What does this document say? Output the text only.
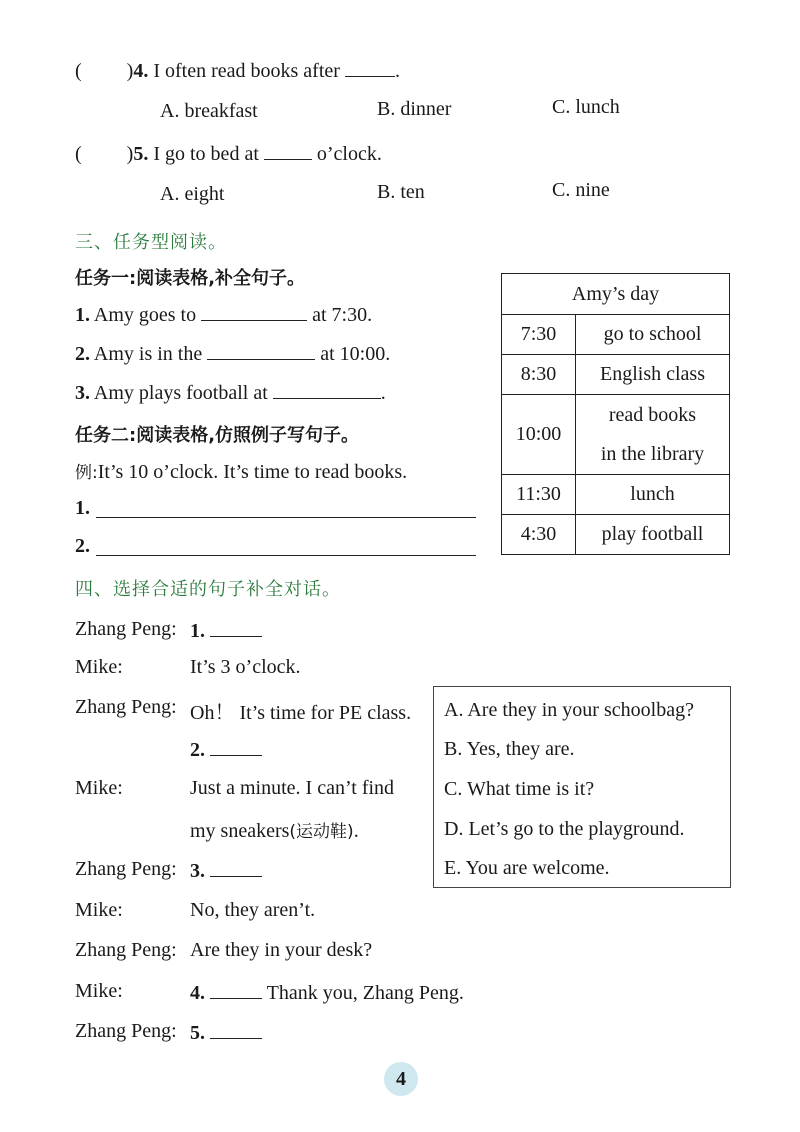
( )4. I often read books after	.
A. breakfast	B. dinner	C. lunch
( )5. I go to bed at  o’clock.
A. eight	B. ten	C. nine
三、任务型阅读。
任务一:阅读表格,补全句子。
1. Amy goes to	at 7:30.
2. Amy is in the	at 10:00.
3. Amy plays football at	.
任务二:阅读表格,仿照例子写句子。
例:It’s 10 o’clock. It’s time to read books.
1.
2.
Amy’s day	
7:30	go to school
8:30	English class
10:00	read books
in the library
11:30	lunch
4:30	play football
四、选择合适的句子补全对话。
Zhang Peng: 1.
Mike:	It’s 3 o’clock.
Zhang Peng: Oh！ It’s time for PE class.
2.
Mike:	Just a minute. I can’t find
my sneakers(运动鞋).
Zhang Peng: 3.
Mike:	No, they aren’t.
Zhang Peng: Are they in your desk?
Mike:	4.	Thank you, Zhang Peng.
Zhang Peng: 5.
A. Are they in your schoolbag?
B. Yes, they are.
C. What time is it?
D. Let’s go to the playground.
E. You are welcome.
4
